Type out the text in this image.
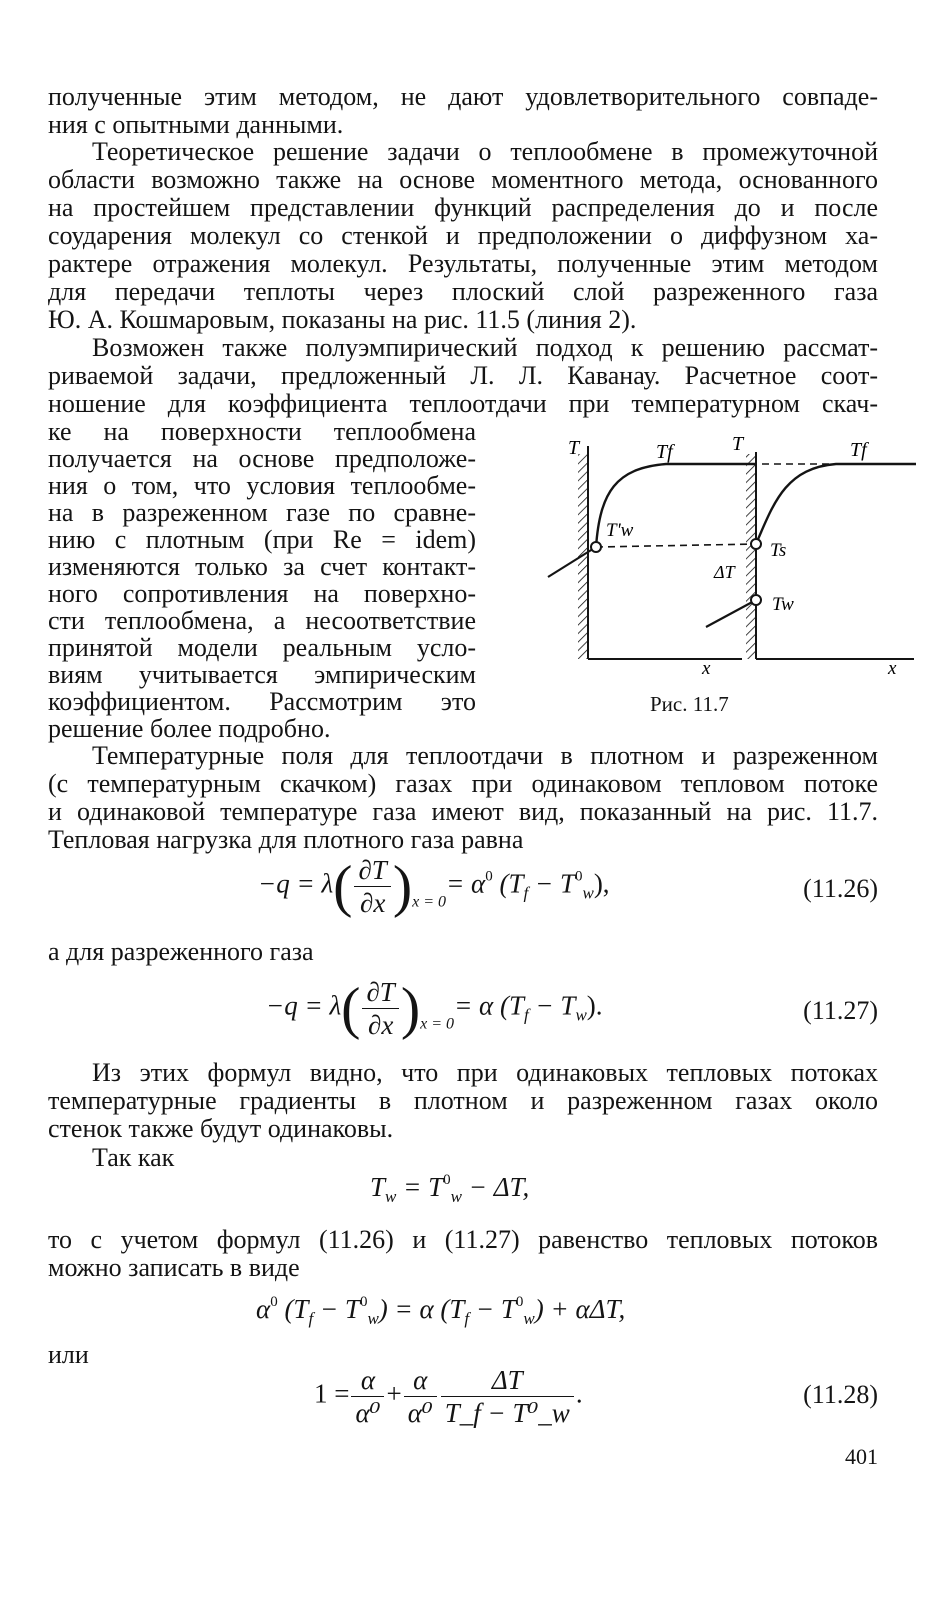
полученные этим методом, не дают удовлетворительного совпаде-
ния с опытными данными.
Теоретическое решение задачи о теплообмене в промежуточной
области возможно также на основе моментного метода, основанного
на простейшем представлении функций распределения до и после
соударения молекул со стенкой и предположении о диффузном ха-
рактере отражения молекул. Результаты, полученные этим методом
для передачи теплоты через плоский слой разреженного газа
Ю. А. Кошмаровым, показаны на рис. 11.5 (линия 2).
Возможен также полуэмпирический подход к решению рассмат-
риваемой задачи, предложенный Л. Л. Каванау. Расчетное соот-
ношение для коэффициента теплоотдачи при температурном скач-
ке на поверхности теплообмена
получается на основе предположе-
ния о том, что условия теплообме-
на в разреженном газе по сравне-
нию с плотным (при Re = idem)
изменяются только за счет контакт-
ного сопротивления на поверхно-
сти теплообмена, а несоответствие
принятой модели реальным усло-
виям учитывается эмпирическим
коэффициентом. Рассмотрим это
решение более подробно.
T	Tf
T'w
x
T	Tf
Ts
ΔT
Tw
x
Рис. 11.7
Температурные поля для теплоотдачи в плотном и разреженном
(с температурным скачком) газах при одинаковом тепловом потоке
и одинаковой температуре газа имеют вид, показанный на рис. 11.7.
Тепловая нагрузка для плотного газа равна
$-q = \lambda( \frac{\partial T}{\partial x} )_{x = 0}= \alpha^0$ $(T_f - T^0_w)$,	(11.26)
а для разреженного газа
$-q = \lambda( \frac{\partial T}{\partial x} )_{x = 0}= \alpha$ $(T_f - T_w)$.	(11.27)
Из этих формул видно, что при одинаковых тепловых потоках
температурные градиенты в плотном и разреженном газах около
стенок также будут одинаковы.
Так как
$T_w = T^0_w - \Delta T$,
то с учетом формул (11.26) и (11.27) равенство тепловых потоков
можно записать в виде
$\alpha^0$ $(T_f - T^0_w) = \alpha$ $(T_f - T^0_w) + \alpha\Delta T$,
или
$1 = \frac{\alpha}{\text{α⁰}} + \frac{\alpha}{\text{α⁰}} \frac{\Delta T}{\text{T\_f − T⁰\_w}}$ .	(11.28)
401
